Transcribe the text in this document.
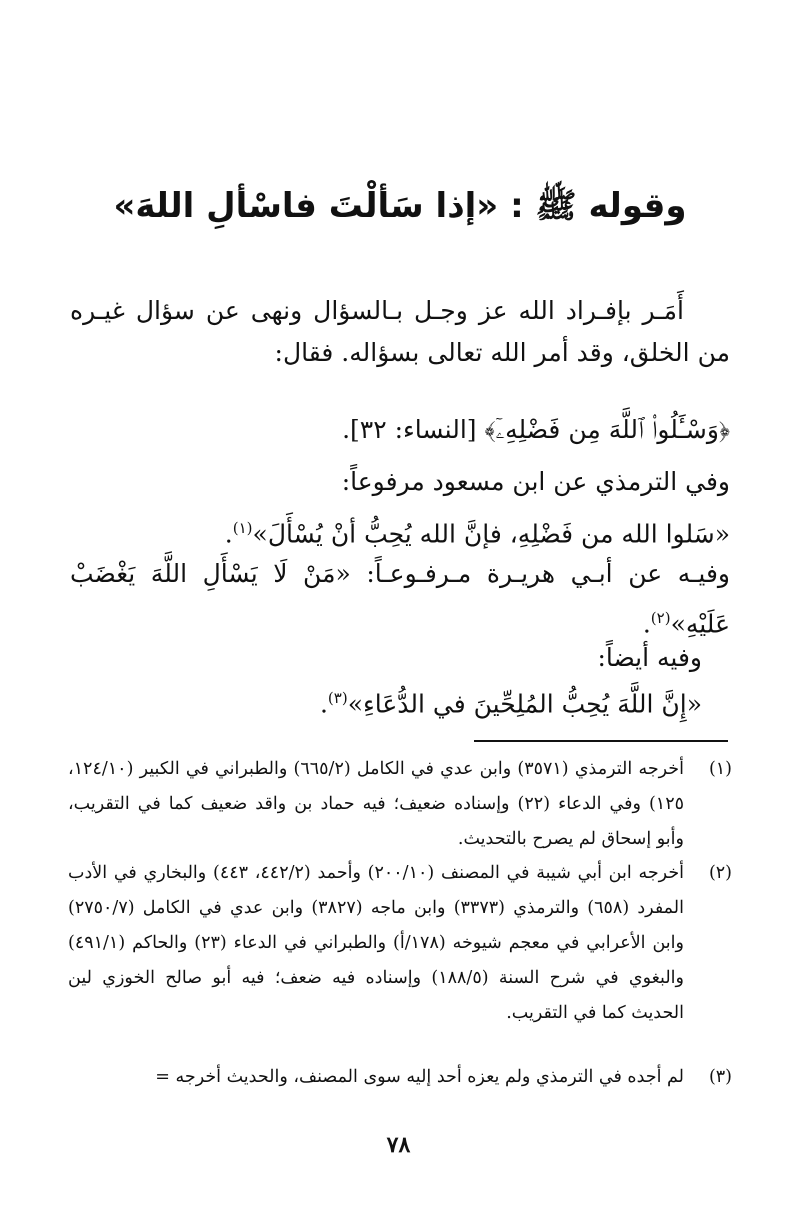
وقوله ﷺ : «إذا سَألْتَ فاسْألِ اللهَ»
أَمَـر بإفـراد الله عز وجـل بـالسؤال ونهى عن سؤال غيـره من الخلق، وقد أمر الله تعالى بسؤاله. فقال:
﴿وَسْـَٔلُوا۟ ٱللَّهَ مِن فَضْلِهِۦٓ﴾ [النساء: ٣٢].
وفي الترمذي عن ابن مسعود مرفوعاً:
«سَلوا الله من فَضْلِهِ، فإنَّ الله يُحِبُّ أنْ يُسْأَلَ»$^{(١)}$.
وفيـه عن أبـي هريـرة مـرفـوعـاً: «مَنْ لَا يَسْأَلِ اللَّهَ يَغْضَبْ
عَلَيْهِ»$^{(٢)}$.
وفيه أيضاً:
«إِنَّ اللَّهَ يُحِبُّ المُلِحِّينَ في الدُّعَاءِ»$^{(٣)}$.
(١)
أخرجه الترمذي (٣٥٧١) وابن عدي في الكامل (٦٦٥/٢) والطبراني في الكبير (١٢٤/١٠، ١٢٥) وفي الدعاء (٢٢) وإسناده ضعيف؛ فيه حماد بن واقد ضعيف كما في التقريب، وأبو إسحاق لم يصرح بالتحديث.
(٢)
أخرجه ابن أبي شيبة في المصنف (٢٠٠/١٠) وأحمد (٤٤٢/٢، ٤٤٣) والبخاري في الأدب المفرد (٦٥٨) والترمذي (٣٣٧٣) وابن ماجه (٣٨٢٧) وابن عدي في الكامل (٢٧٥٠/٧) وابن الأعرابي في معجم شيوخه (١٧٨/أ) والطبراني في الدعاء (٢٣) والحاكم (٤٩١/١) والبغوي في شرح السنة (١٨٨/٥) وإسناده فيه ضعف؛ فيه أبو صالح الخوزي لين الحديث كما في التقريب.
(٣)
لم أجده في الترمذي ولم يعزه أحد إليه سوى المصنف، والحديث أخرجه =
٧٨
